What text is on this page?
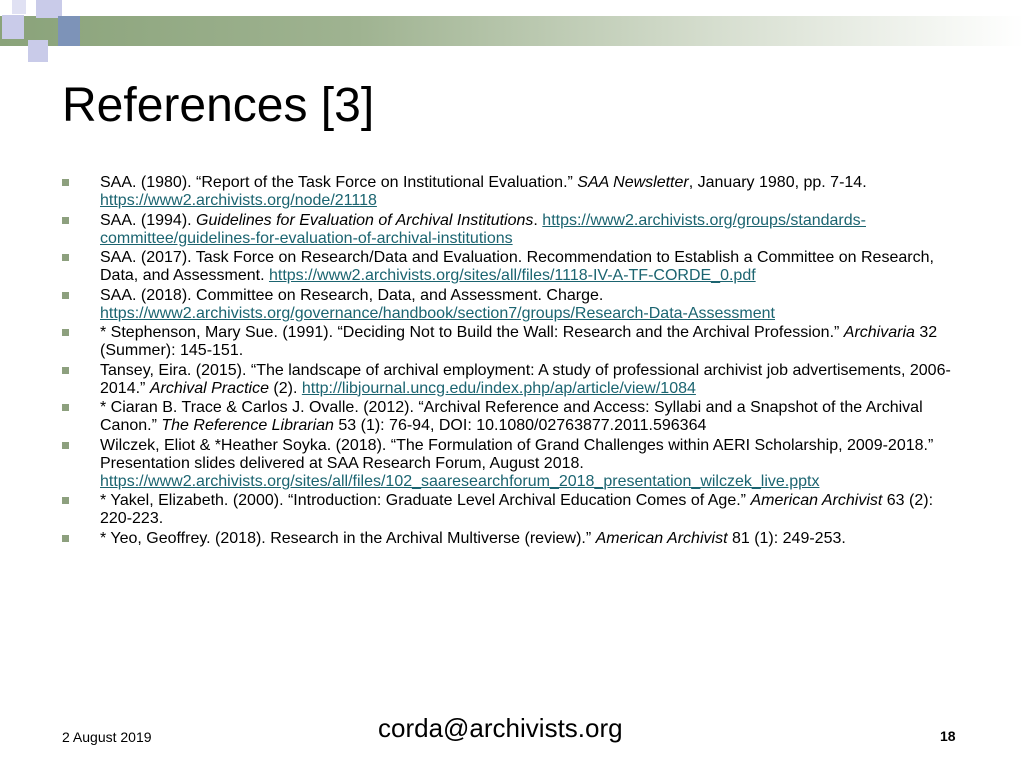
References [3]
SAA. (1980). “Report of the Task Force on Institutional Evaluation.” SAA Newsletter, January 1980, pp. 7-14. https://www2.archivists.org/node/21118
SAA. (1994). Guidelines for Evaluation of Archival Institutions. https://www2.archivists.org/groups/standards-committee/guidelines-for-evaluation-of-archival-institutions
SAA. (2017). Task Force on Research/Data and Evaluation. Recommendation to Establish a Committee on Research, Data, and Assessment. https://www2.archivists.org/sites/all/files/1118-IV-A-TF-CORDE_0.pdf
SAA. (2018). Committee on Research, Data, and Assessment. Charge. https://www2.archivists.org/governance/handbook/section7/groups/Research-Data-Assessment
* Stephenson, Mary Sue. (1991). “Deciding Not to Build the Wall: Research and the Archival Profession.” Archivaria 32 (Summer): 145-151.
Tansey, Eira. (2015). “The landscape of archival employment: A study of professional archivist job advertisements, 2006-2014.” Archival Practice (2). http://libjournal.uncg.edu/index.php/ap/article/view/1084
* Ciaran B. Trace & Carlos J. Ovalle. (2012). “Archival Reference and Access: Syllabi and a Snapshot of the Archival Canon.” The Reference Librarian 53 (1): 76-94, DOI: 10.1080/02763877.2011.596364
Wilczek, Eliot & *Heather Soyka. (2018). “The Formulation of Grand Challenges within AERI Scholarship, 2009-2018.” Presentation slides delivered at SAA Research Forum, August 2018. https://www2.archivists.org/sites/all/files/102_saaresearchforum_2018_presentation_wilczek_live.pptx
* Yakel, Elizabeth. (2000). “Introduction: Graduate Level Archival Education Comes of Age.” American Archivist 63 (2): 220-223.
* Yeo, Geoffrey. (2018). Research in the Archival Multiverse (review).” American Archivist 81 (1): 249-253.
2 August 2019	corda@archivists.org	18
